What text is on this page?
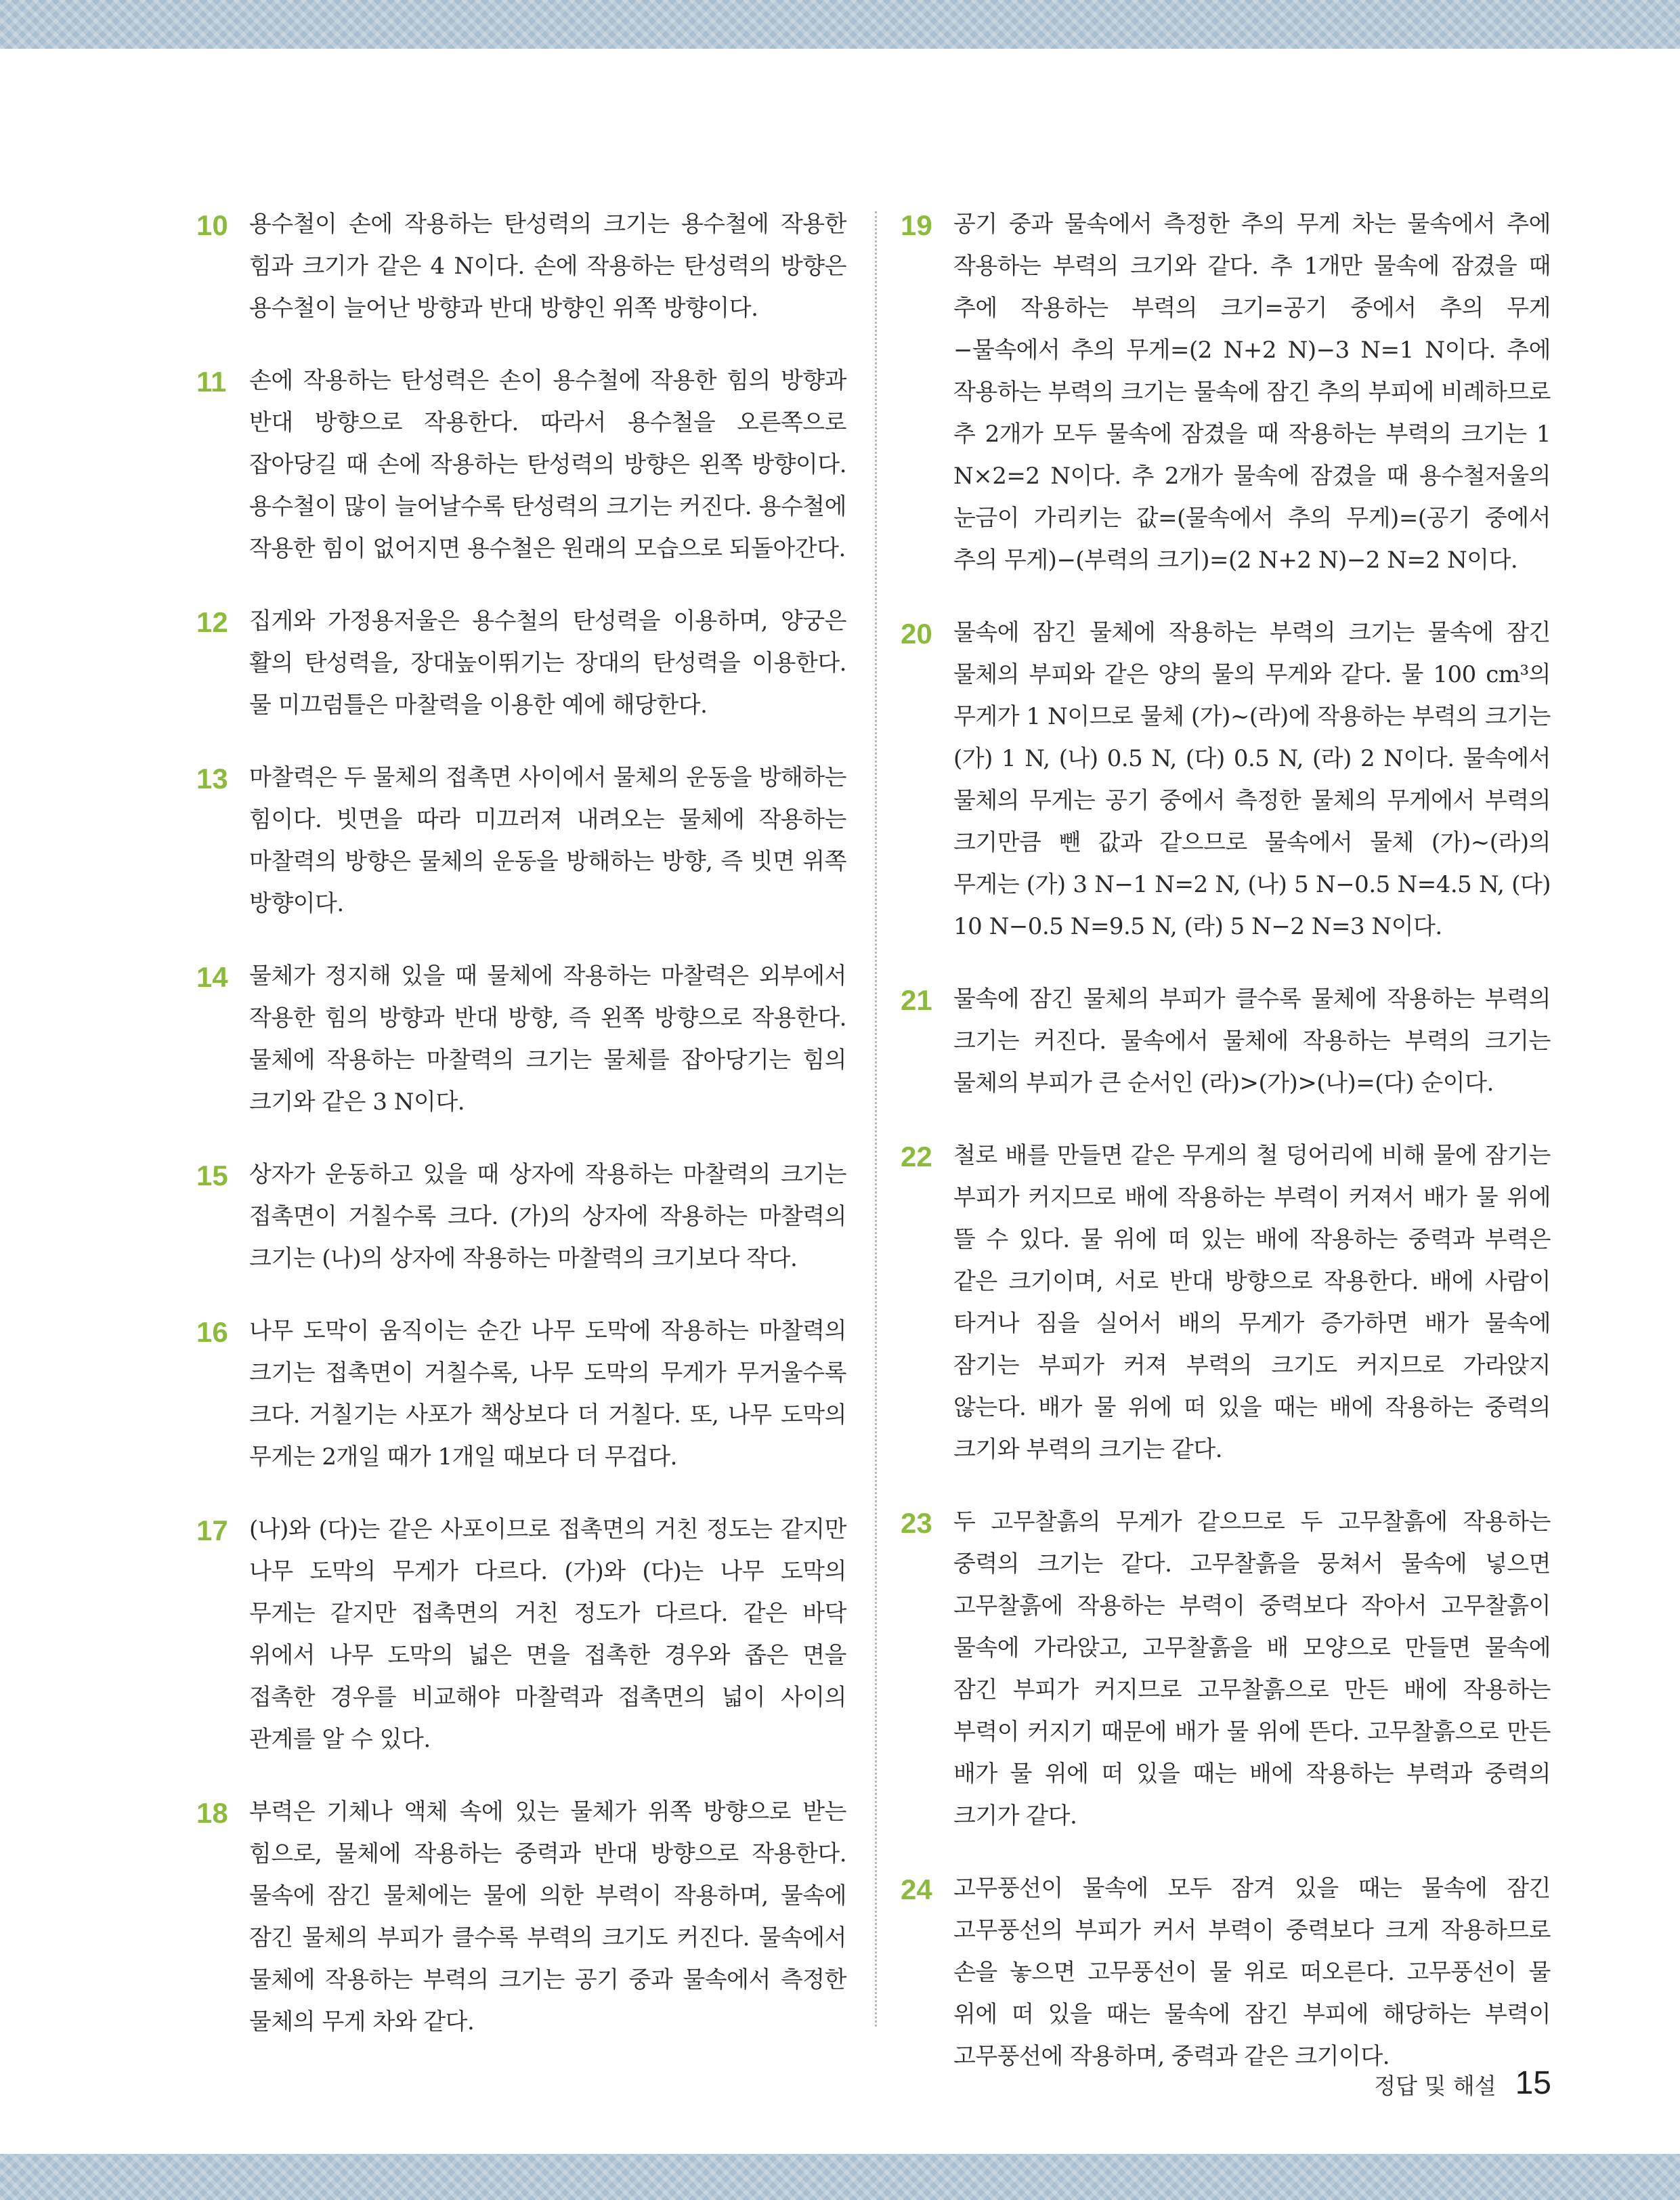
10 용수철이 손에 작용하는 탄성력의 크기는 용수철에 작용한 힘과 크기가 같은 4 N이다. 손에 작용하는 탄성력의 방향은 용수철이 늘어난 방향과 반대 방향인 위쪽 방향이다.
11 손에 작용하는 탄성력은 손이 용수철에 작용한 힘의 방향과 반대 방향으로 작용한다. 따라서 용수철을 오른쪽으로 잡아당길 때 손에 작용하는 탄성력의 방향은 왼쪽 방향이다. 용수철이 많이 늘어날수록 탄성력의 크기는 커진다. 용수철에 작용한 힘이 없어지면 용수철은 원래의 모습으로 되돌아간다.
12 집게와 가정용저울은 용수철의 탄성력을 이용하며, 양궁은 활의 탄성력을, 장대높이뛰기는 장대의 탄성력을 이용한다. 물 미끄럼틀은 마찰력을 이용한 예에 해당한다.
13 마찰력은 두 물체의 접촉면 사이에서 물체의 운동을 방해하는 힘이다. 빗면을 따라 미끄러져 내려오는 물체에 작용하는 마찰력의 방향은 물체의 운동을 방해하는 방향, 즉 빗면 위쪽 방향이다.
14 물체가 정지해 있을 때 물체에 작용하는 마찰력은 외부에서 작용한 힘의 방향과 반대 방향, 즉 왼쪽 방향으로 작용한다. 물체에 작용하는 마찰력의 크기는 물체를 잡아당기는 힘의 크기와 같은 3 N이다.
15 상자가 운동하고 있을 때 상자에 작용하는 마찰력의 크기는 접촉면이 거칠수록 크다. (가)의 상자에 작용하는 마찰력의 크기는 (나)의 상자에 작용하는 마찰력의 크기보다 작다.
16 나무 도막이 움직이는 순간 나무 도막에 작용하는 마찰력의 크기는 접촉면이 거칠수록, 나무 도막의 무게가 무거울수록 크다. 거칠기는 사포가 책상보다 더 거칠다. 또, 나무 도막의 무게는 2개일 때가 1개일 때보다 더 무겁다.
17 (나)와 (다)는 같은 사포이므로 접촉면의 거친 정도는 같지만 나무 도막의 무게가 다르다. (가)와 (다)는 나무 도막의 무게는 같지만 접촉면의 거친 정도가 다르다. 같은 바닥 위에서 나무 도막의 넓은 면을 접촉한 경우와 좁은 면을 접촉한 경우를 비교해야 마찰력과 접촉면의 넓이 사이의 관계를 알 수 있다.
18 부력은 기체나 액체 속에 있는 물체가 위쪽 방향으로 받는 힘으로, 물체에 작용하는 중력과 반대 방향으로 작용한다. 물속에 잠긴 물체에는 물에 의한 부력이 작용하며, 물속에 잠긴 물체의 부피가 클수록 부력의 크기도 커진다. 물속에서 물체에 작용하는 부력의 크기는 공기 중과 물속에서 측정한 물체의 무게 차와 같다.
19 공기 중과 물속에서 측정한 추의 무게 차는 물속에서 추에 작용하는 부력의 크기와 같다. 추 1개만 물속에 잠겼을 때 추에 작용하는 부력의 크기=공기 중에서 추의 무게−물속에서 추의 무게=(2 N+2 N)−3 N=1 N이다. 추에 작용하는 부력의 크기는 물속에 잠긴 추의 부피에 비례하므로 추 2개가 모두 물속에 잠겼을 때 작용하는 부력의 크기는 1 N×2=2 N이다. 추 2개가 물속에 잠겼을 때 용수철저울의 눈금이 가리키는 값=(물속에서 추의 무게)=(공기 중에서 추의 무게)−(부력의 크기)=(2 N+2 N)−2 N=2 N이다.
20 물속에 잠긴 물체에 작용하는 부력의 크기는 물속에 잠긴 물체의 부피와 같은 양의 물의 무게와 같다. 물 100 cm³의 무게가 1 N이므로 물체 (가)~(라)에 작용하는 부력의 크기는 (가) 1 N, (나) 0.5 N, (다) 0.5 N, (라) 2 N이다. 물속에서 물체의 무게는 공기 중에서 측정한 물체의 무게에서 부력의 크기만큼 뺀 값과 같으므로 물속에서 물체 (가)~(라)의 무게는 (가) 3 N−1 N=2 N, (나) 5 N−0.5 N=4.5 N, (다) 10 N−0.5 N=9.5 N, (라) 5 N−2 N=3 N이다.
21 물속에 잠긴 물체의 부피가 클수록 물체에 작용하는 부력의 크기는 커진다. 물속에서 물체에 작용하는 부력의 크기는 물체의 부피가 큰 순서인 (라)>(가)>(나)=(다) 순이다.
22 철로 배를 만들면 같은 무게의 철 덩어리에 비해 물에 잠기는 부피가 커지므로 배에 작용하는 부력이 커져서 배가 물 위에 뜰 수 있다. 물 위에 떠 있는 배에 작용하는 중력과 부력은 같은 크기이며, 서로 반대 방향으로 작용한다. 배에 사람이 타거나 짐을 실어서 배의 무게가 증가하면 배가 물속에 잠기는 부피가 커져 부력의 크기도 커지므로 가라앉지 않는다. 배가 물 위에 떠 있을 때는 배에 작용하는 중력의 크기와 부력의 크기는 같다.
23 두 고무찰흙의 무게가 같으므로 두 고무찰흙에 작용하는 중력의 크기는 같다. 고무찰흙을 뭉쳐서 물속에 넣으면 고무찰흙에 작용하는 부력이 중력보다 작아서 고무찰흙이 물속에 가라앉고, 고무찰흙을 배 모양으로 만들면 물속에 잠긴 부피가 커지므로 고무찰흙으로 만든 배에 작용하는 부력이 커지기 때문에 배가 물 위에 뜬다. 고무찰흙으로 만든 배가 물 위에 떠 있을 때는 배에 작용하는 부력과 중력의 크기가 같다.
24 고무풍선이 물속에 모두 잠겨 있을 때는 물속에 잠긴 고무풍선의 부피가 커서 부력이 중력보다 크게 작용하므로 손을 놓으면 고무풍선이 물 위로 떠오른다. 고무풍선이 물 위에 떠 있을 때는 물속에 잠긴 부피에 해당하는 부력이 고무풍선에 작용하며, 중력과 같은 크기이다.
정답 및 해설 15
